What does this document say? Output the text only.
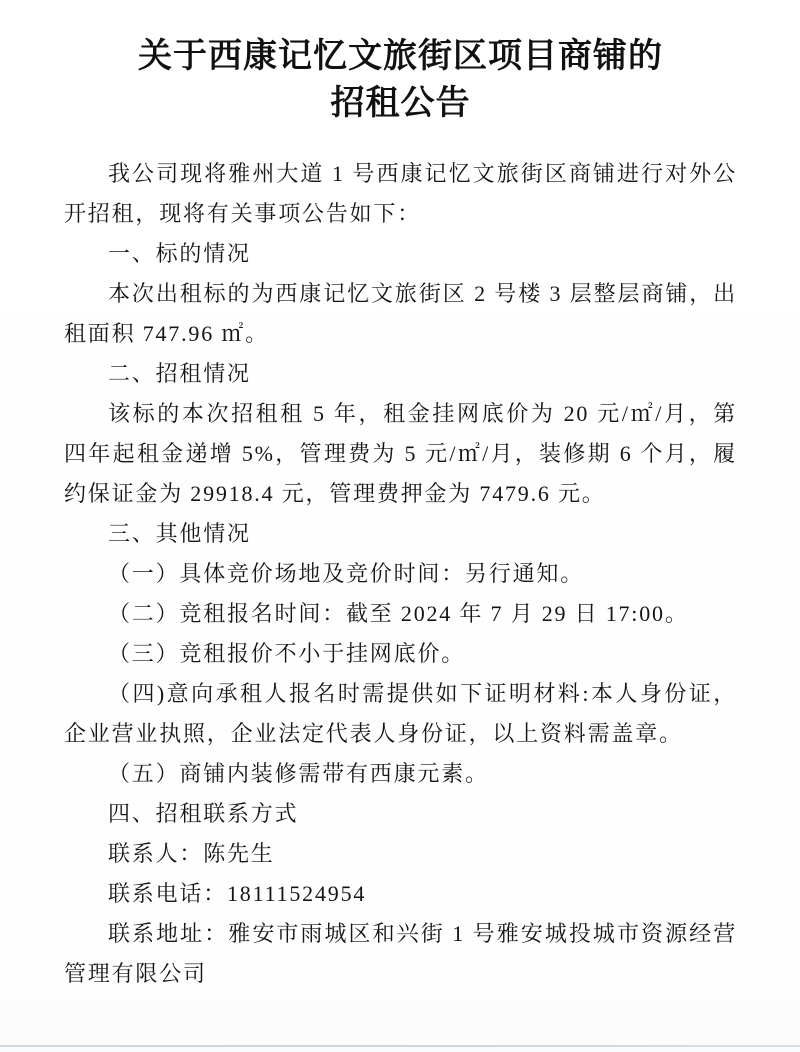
关于西康记忆文旅街区项目商铺的
招租公告

我公司现将雅州大道 1 号西康记忆文旅街区商铺进行对外公开招租，现将有关事项公告如下：

一、标的情况

本次出租标的为西康记忆文旅街区 2 号楼 3 层整层商铺，出租面积 747.96 ㎡。

二、招租情况

该标的本次招租租 5 年，租金挂网底价为 20 元/㎡/月，第四年起租金递增 5%，管理费为 5 元/㎡/月，装修期 6 个月，履约保证金为 29918.4 元，管理费押金为 7479.6 元。

三、其他情况

（一）具体竞价场地及竞价时间：另行通知。

（二）竞租报名时间：截至 2024 年 7 月 29 日 17:00。

（三）竞租报价不小于挂网底价。

（四)意向承租人报名时需提供如下证明材料:本人身份证，企业营业执照，企业法定代表人身份证，以上资料需盖章。

（五）商铺内装修需带有西康元素。

四、招租联系方式

联系人：陈先生

联系电话：18111524954

联系地址：雅安市雨城区和兴街 1 号雅安城投城市资源经营管理有限公司
